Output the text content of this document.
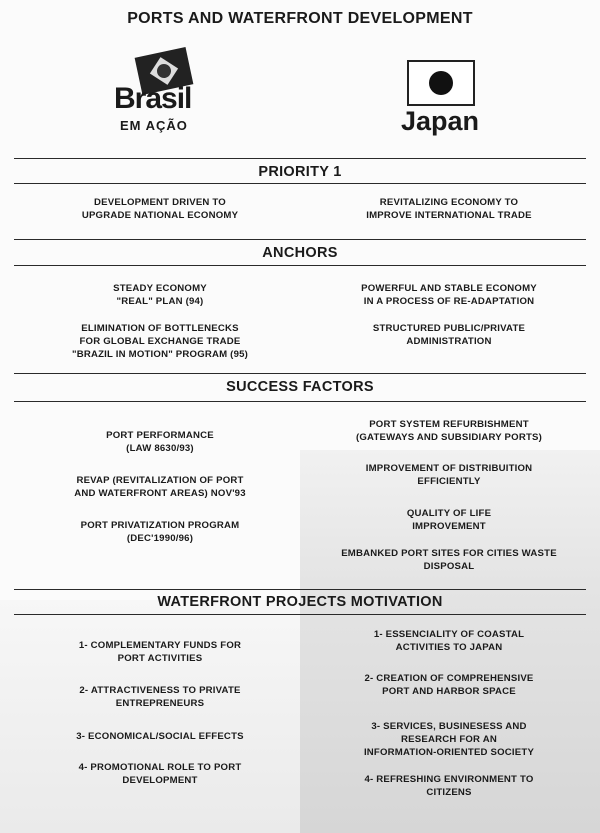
PORTS AND WATERFRONT DEVELOPMENT
Brasil
EM AÇÃO	Japan
PRIORITY 1
DEVELOPMENT DRIVEN TO
UPGRADE NATIONAL ECONOMY
REVITALIZING ECONOMY TO
IMPROVE INTERNATIONAL TRADE
ANCHORS
STEADY ECONOMY
"REAL" PLAN (94)
ELIMINATION OF BOTTLENECKS
FOR GLOBAL EXCHANGE TRADE
"BRAZIL IN MOTION" PROGRAM (95)
POWERFUL AND STABLE ECONOMY
IN A PROCESS OF RE-ADAPTATION
STRUCTURED PUBLIC/PRIVATE
ADMINISTRATION
SUCCESS FACTORS
PORT PERFORMANCE
(LAW 8630/93)
REVAP (REVITALIZATION OF PORT
AND WATERFRONT AREAS) NOV'93
PORT PRIVATIZATION PROGRAM
(DEC'1990/96)
PORT SYSTEM REFURBISHMENT
(GATEWAYS AND SUBSIDIARY PORTS)
IMPROVEMENT OF DISTRIBUITION
EFFICIENTLY
QUALITY OF LIFE
IMPROVEMENT
EMBANKED PORT SITES FOR CITIES WASTE
DISPOSAL
WATERFRONT PROJECTS MOTIVATION
1- COMPLEMENTARY FUNDS FOR
PORT ACTIVITIES
2- ATTRACTIVENESS TO PRIVATE
ENTREPRENEURS
3- ECONOMICAL/SOCIAL EFFECTS
4- PROMOTIONAL ROLE TO PORT
DEVELOPMENT
1- ESSENCIALITY OF COASTAL
ACTIVITIES TO JAPAN
2- CREATION OF COMPREHENSIVE
PORT AND HARBOR SPACE
3- SERVICES, BUSINESESS AND
RESEARCH FOR AN
INFORMATION-ORIENTED SOCIETY
4- REFRESHING ENVIRONMENT TO
CITIZENS
